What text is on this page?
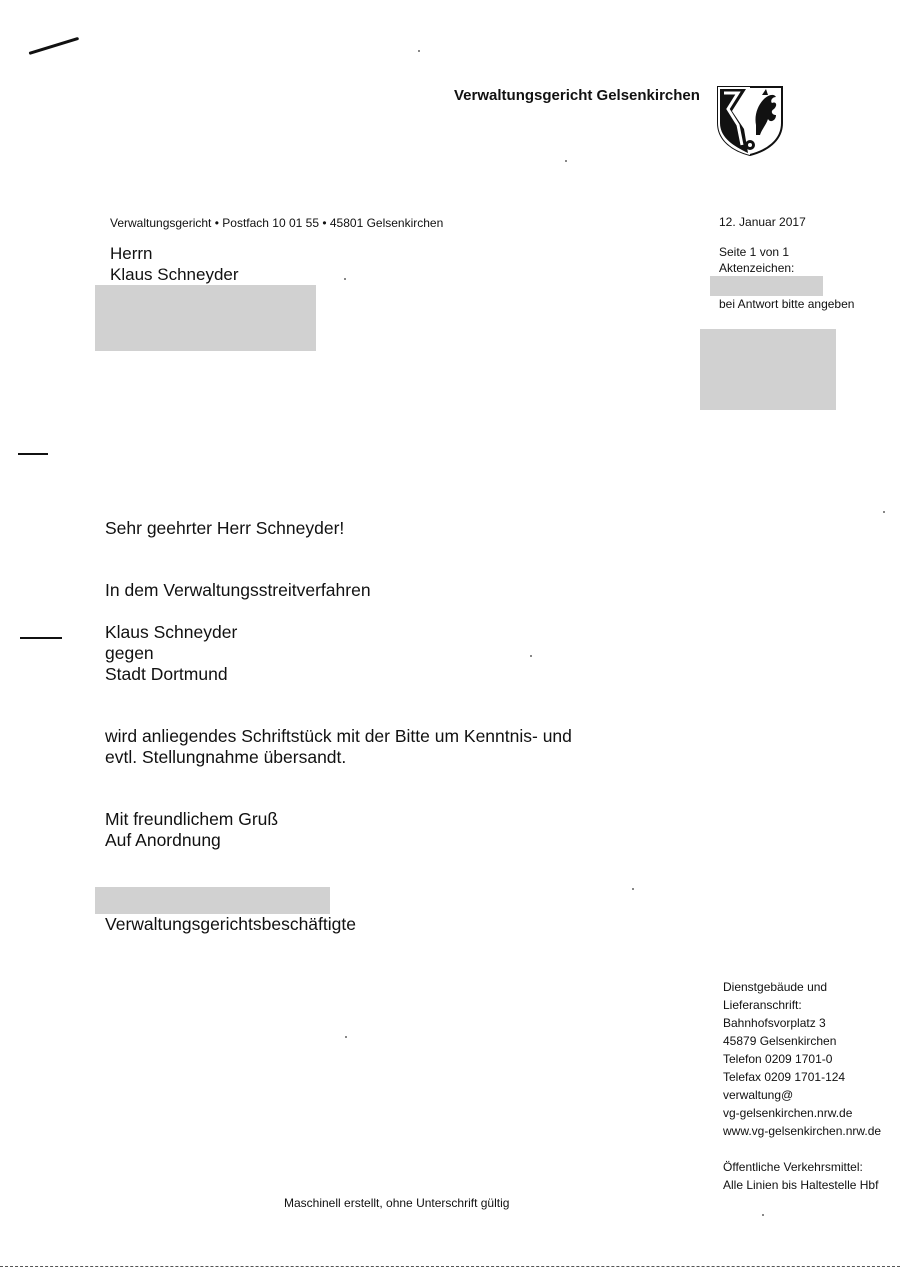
Verwaltungsgericht Gelsenkirchen
Verwaltungsgericht • Postfach 10 01 55 • 45801 Gelsenkirchen	12. Januar 2017
Seite 1 von 1
Aktenzeichen:
bei Antwort bitte angeben
Herrn
Klaus Schneyder
Sehr geehrter Herr Schneyder!
In dem Verwaltungsstreitverfahren
Klaus Schneyder
gegen
Stadt Dortmund
wird anliegendes Schriftstück mit der Bitte um Kenntnis- und
evtl. Stellungnahme übersandt.
Mit freundlichem Gruß
Auf Anordnung
Verwaltungsgerichtsbeschäftigte
Dienstgebäude und
Lieferanschrift:
Bahnhofsvorplatz 3
45879 Gelsenkirchen
Telefon 0209 1701-0
Telefax 0209 1701-124
verwaltung@
vg-gelsenkirchen.nrw.de
www.vg-gelsenkirchen.nrw.de
Öffentliche Verkehrsmittel:
Alle Linien bis Haltestelle Hbf
Maschinell erstellt, ohne Unterschrift gültig
